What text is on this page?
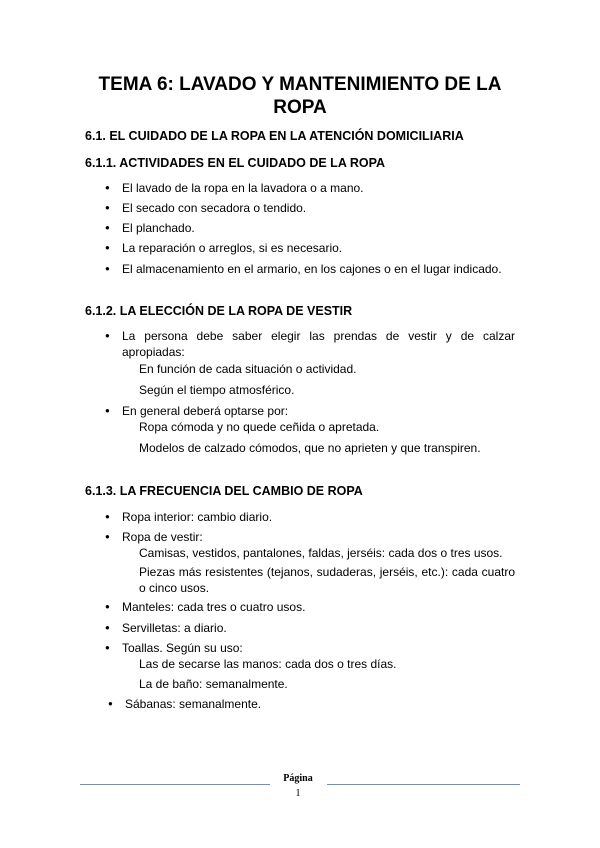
TEMA 6: LAVADO Y MANTENIMIENTO DE LA
ROPA
6.1. EL CUIDADO DE LA ROPA EN LA ATENCIÓN DOMICILIARIA
6.1.1. ACTIVIDADES EN EL CUIDADO DE LA ROPA
● El lavado de la ropa en la lavadora o a mano.
● El secado con secadora o tendido.
● El planchado.
● La reparación o arreglos, si es necesario.
● El almacenamiento en el armario, en los cajones o en el lugar indicado.
6.1.2. LA ELECCIÓN DE LA ROPA DE VESTIR
● La persona debe saber elegir las prendas de vestir y de calzar apropiadas:
En función de cada situación o actividad.
Según el tiempo atmosférico.
● En general deberá optarse por:
Ropa cómoda y no quede ceñida o apretada.
Modelos de calzado cómodos, que no aprieten y que transpiren.
6.1.3. LA FRECUENCIA DEL CAMBIO DE ROPA
● Ropa interior: cambio diario.
● Ropa de vestir:
Camisas, vestidos, pantalones, faldas, jerséis: cada dos o tres usos.
Piezas más resistentes (tejanos, sudaderas, jerséis, etc.): cada cuatro o cinco usos.
● Manteles: cada tres o cuatro usos.
● Servilletas: a diario.
● Toallas. Según su uso:
Las de secarse las manos: cada dos o tres días.
La de baño: semanalmente.
● Sábanas: semanalmente.
Página
1
